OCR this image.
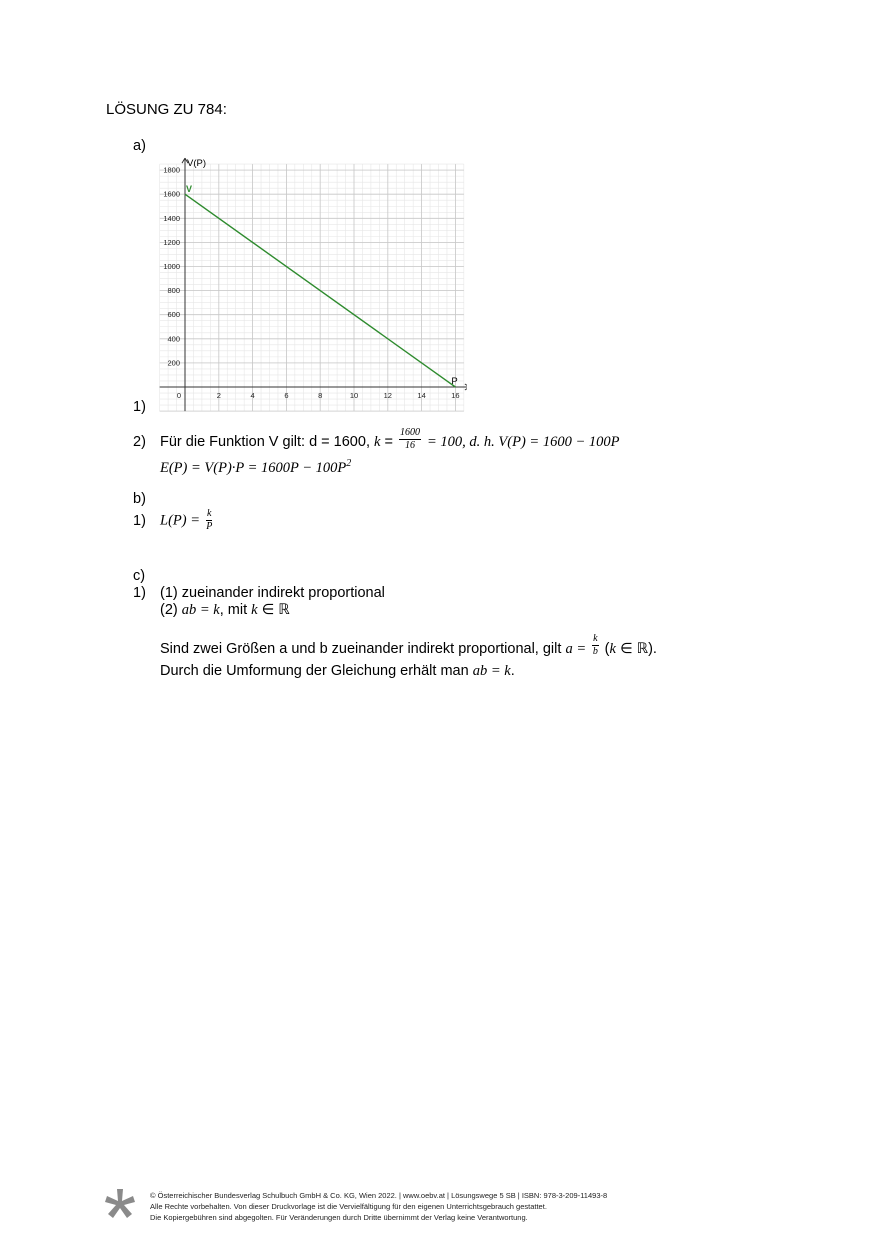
LÖSUNG ZU 784:
a)
0	2	4	6	8	10	12	14	16
200
400
600
800
1000
1200
1400
1600
1800
V(P)
P
V
1)
2) Für die Funktion V gilt: d = 1600, $k = \frac{1600}{16} = 100$, d. h. V(P) = 1600 − 100P
$E(P) = V(P)\cdot P = 1600P - 100P^2$
b)
1) $L(P) = \frac{k}{P}$
c)
1) (1) zueinander indirekt proportional
(2) ab = k, mit k ∈ ℝ
Sind zwei Größen a und b zueinander indirekt proportional, gilt $a = \frac{k}{b} (k$ ∈ ℝ).
Durch die Umformung der Gleichung erhält man ab = k.
© Österreichischer Bundesverlag Schulbuch GmbH & Co. KG, Wien 2022. | www.oebv.at | Lösungswege 5 SB | ISBN: 978-3-209-11493-8
Alle Rechte vorbehalten. Von dieser Druckvorlage ist die Vervielfältigung für den eigenen Unterrichtsgebrauch gestattet.
Die Kopiergebühren sind abgegolten. Für Veränderungen durch Dritte übernimmt der Verlag keine Verantwortung.
